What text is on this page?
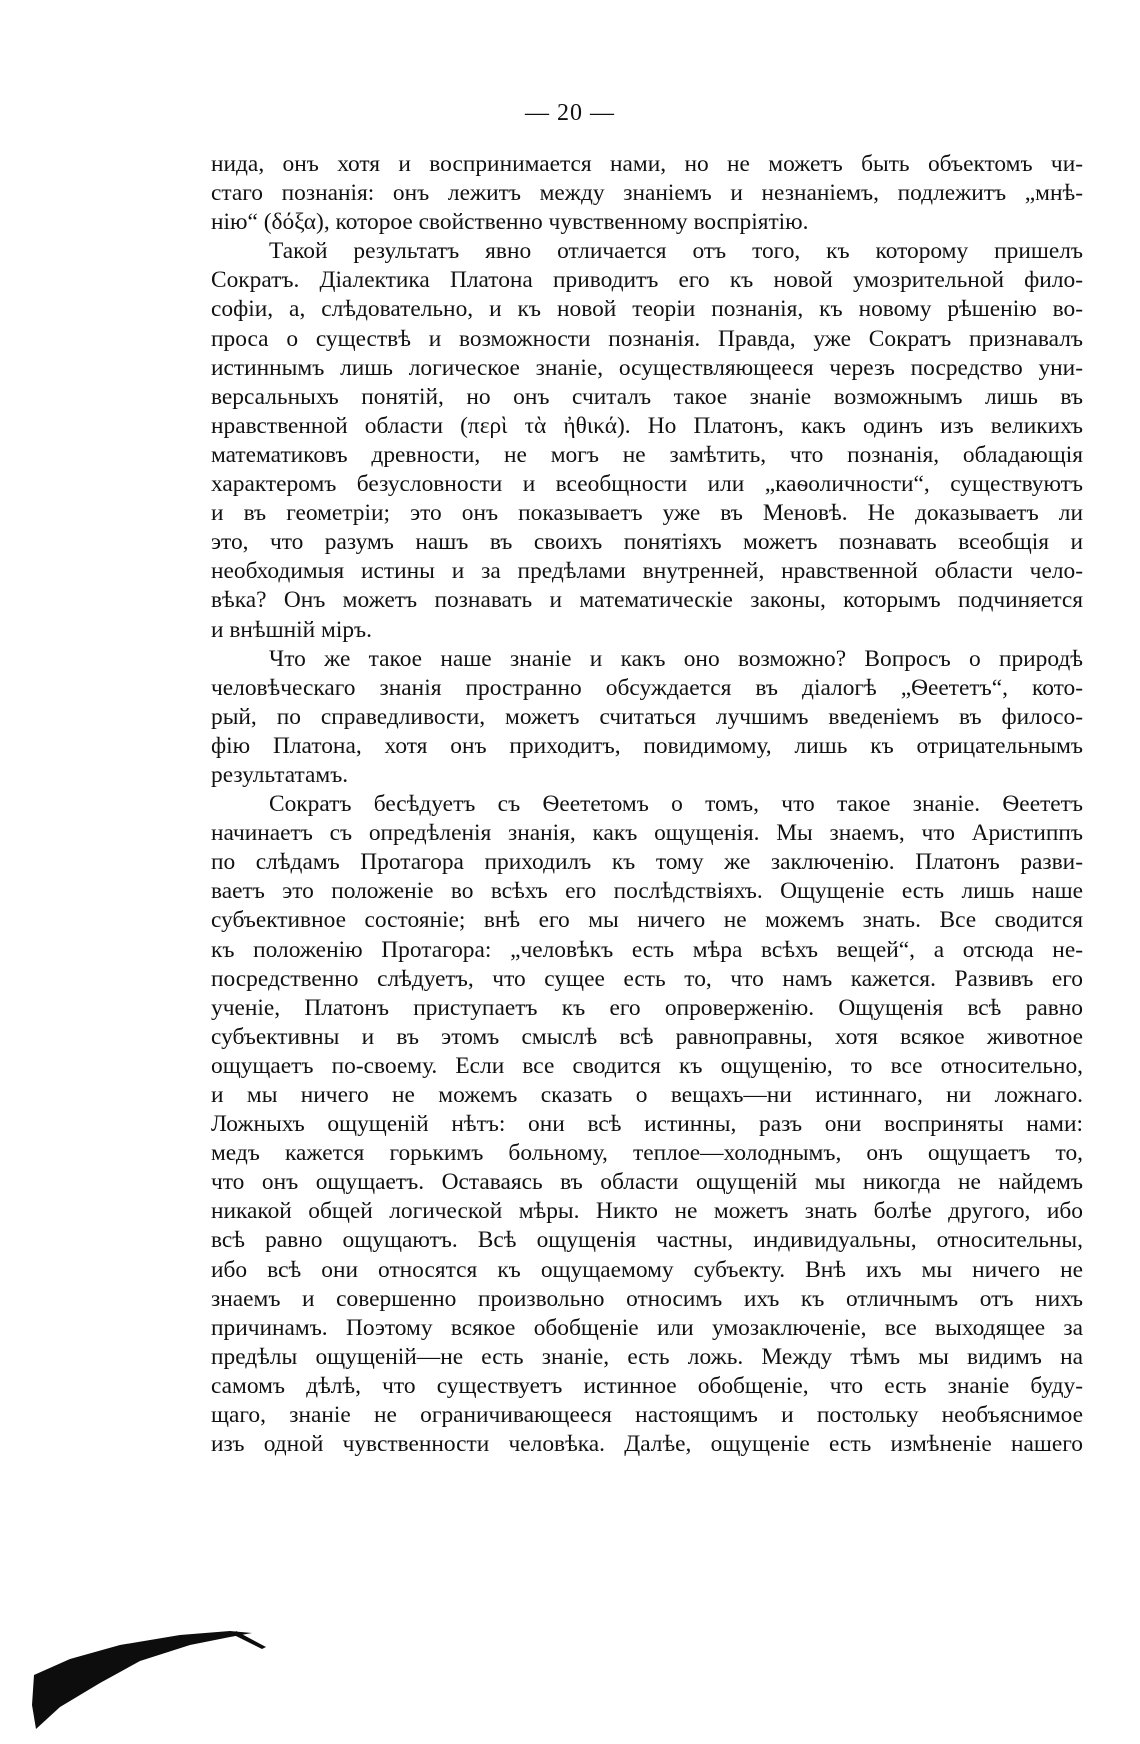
— 20 —
нида, онъ хотя и воспринимается нами, но не можетъ быть объектомъ чи-
стаго познанія: онъ лежитъ между знаніемъ и незнаніемъ, подлежитъ „мнѣ-
нію“ (δόξα), которое свойственно чувственному воспріятію.
Такой результатъ явно отличается отъ того, къ которому пришелъ
Сократъ. Діалектика Платона приводитъ его къ новой умозрительной фило-
софіи, а, слѣдовательно, и къ новой теоріи познанія, къ новому рѣшенію во-
проса о существѣ и возможности познанія. Правда, уже Сократъ признавалъ
истиннымъ лишь логическое знаніе, осуществляющееся черезъ посредство уни-
версальныхъ понятій, но онъ считалъ такое знаніе возможнымъ лишь въ
нравственной области (περὶ τὰ ἠθικά). Но Платонъ, какъ одинъ изъ великихъ
математиковъ древности, не могъ не замѣтить, что познанія, обладающія
характеромъ безусловности и всеобщности или „каѳоличности“, существуютъ
и въ геометріи; это онъ показываетъ уже въ Меновѣ. Не доказываетъ ли
это, что разумъ нашъ въ своихъ понятіяхъ можетъ познавать всеобщія и
необходимыя истины и за предѣлами внутренней, нравственной области чело-
вѣка? Онъ можетъ познавать и математическіе законы, которымъ подчиняется
и внѣшній міръ.
Что же такое наше знаніе и какъ оно возможно? Вопросъ о природѣ
человѣческаго знанія пространно обсуждается въ діалогѣ „Ѳеететъ“, кото-
рый, по справедливости, можетъ считаться лучшимъ введеніемъ въ филосо-
фію Платона, хотя онъ приходитъ, повидимому, лишь къ отрицательнымъ
результатамъ.
Сократъ бесѣдуетъ съ Ѳеететомъ о томъ, что такое знаніе. Ѳеететъ
начинаетъ съ опредѣленія знанія, какъ ощущенія. Мы знаемъ, что Аристиппъ
по слѣдамъ Протагора приходилъ къ тому же заключенію. Платонъ разви-
ваетъ это положеніе во всѣхъ его послѣдствіяхъ. Ощущеніе есть лишь наше
субъективное состояніе; внѣ его мы ничего не можемъ знать. Все сводится
къ положенію Протагора: „человѣкъ есть мѣра всѣхъ вещей“, а отсюда не-
посредственно слѣдуетъ, что сущее есть то, что намъ кажется. Развивъ его
ученіе, Платонъ приступаетъ къ его опроверженію. Ощущенія всѣ равно
субъективны и въ этомъ смыслѣ всѣ равноправны, хотя всякое животное
ощущаетъ по-своему. Если все сводится къ ощущенію, то все относительно,
и мы ничего не можемъ сказать о вещахъ—ни истиннаго, ни ложнаго.
Ложныхъ ощущеній нѣтъ: они всѣ истинны, разъ они восприняты нами:
медъ кажется горькимъ больному, теплое—холоднымъ, онъ ощущаетъ то,
что онъ ощущаетъ. Оставаясь въ области ощущеній мы никогда не найдемъ
никакой общей логической мѣры. Никто не можетъ знать болѣе другого, ибо
всѣ равно ощущаютъ. Всѣ ощущенія частны, индивидуальны, относительны,
ибо всѣ они относятся къ ощущаемому субъекту. Внѣ ихъ мы ничего не
знаемъ и совершенно произвольно относимъ ихъ къ отличнымъ отъ нихъ
причинамъ. Поэтому всякое обобщеніе или умозаключеніе, все выходящее за
предѣлы ощущеній—не есть знаніе, есть ложь. Между тѣмъ мы видимъ на
самомъ дѣлѣ, что существуетъ истинное обобщеніе, что есть знаніе буду-
щаго, знаніе не ограничивающееся настоящимъ и постольку необъяснимое
изъ одной чувственности человѣка. Далѣе, ощущеніе есть измѣненіе нашего
